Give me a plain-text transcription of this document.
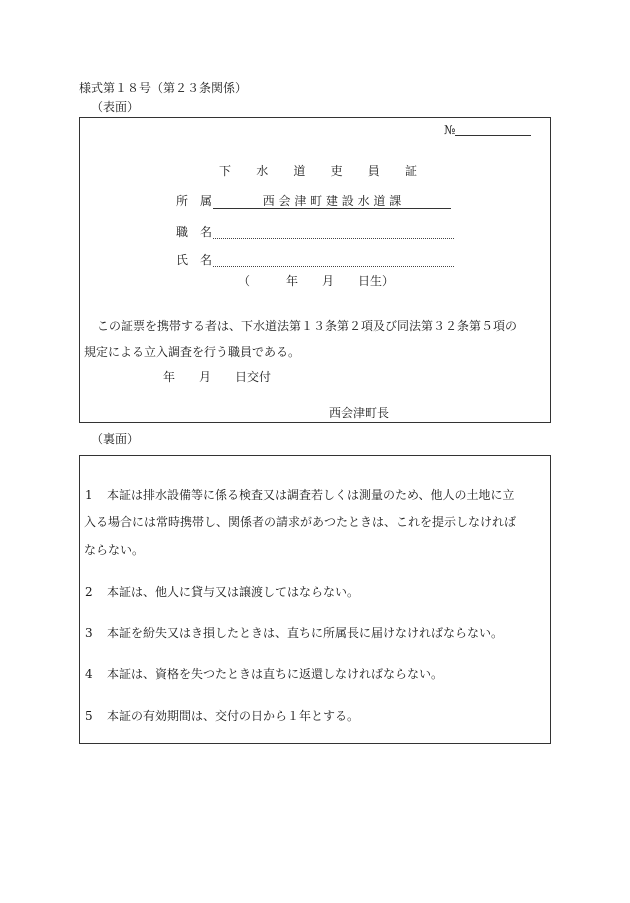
様式第１８号（第２３条関係）
（表面）
№
下 水 道 吏 員 証
所　属	西 会 津 町 建 設 水 道 課
職　名
氏　名
（　　　年　　月　　日生）
この証票を携帯する者は、下水道法第１３条第２項及び同法第３２条第５項の
規定による立入調査を行う職員である。
年　　月　　日交付
西会津町長
（裏面）
1 本証は排水設備等に係る検査又は調査若しくは測量のため、他人の土地に立
入る場合には常時携帯し、関係者の請求があつたときは、これを提示しなければ
ならない。
2 本証は、他人に貸与又は譲渡してはならない。
3 本証を紛失又はき損したときは、直ちに所属長に届けなければならない。
4 本証は、資格を失つたときは直ちに返還しなければならない。
5 本証の有効期間は、交付の日から１年とする。
